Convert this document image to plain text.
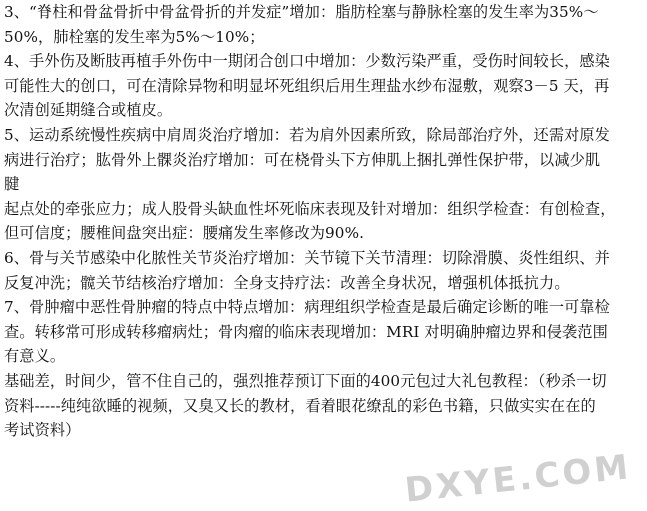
3、“脊柱和骨盆骨折中骨盆骨折的并发症”增加：脂肪栓塞与静脉栓塞的发生率为35%～
50%，肺栓塞的发生率为5%～10%；
4、手外伤及断肢再植手外伤中一期闭合创口中增加：少数污染严重，受伤时间较长，感染
可能性大的创口，可在清除异物和明显坏死组织后用生理盐水纱布湿敷，观察3－5 天，再
次清创延期缝合或植皮。
5、运动系统慢性疾病中肩周炎治疗增加：若为肩外因素所致，除局部治疗外，还需对原发
病进行治疗；肱骨外上髁炎治疗增加：可在桡骨头下方伸肌上捆扎弹性保护带，以减少肌
腱
起点处的牵张应力；成人股骨头缺血性坏死临床表现及针对增加：组织学检查：有创检查，
但可信度；腰椎间盘突出症：腰痛发生率修改为90%.
6、骨与关节感染中化脓性关节炎治疗增加：关节镜下关节清理：切除滑膜、炎性组织、并
反复冲洗；髋关节结核治疗增加：全身支持疗法：改善全身状况，增强机体抵抗力。
7、骨肿瘤中恶性骨肿瘤的特点中特点增加：病理组织学检查是最后确定诊断的唯一可靠检
查。转移常可形成转移瘤病灶；骨肉瘤的临床表现增加：MRI 对明确肿瘤边界和侵袭范围
有意义。
基础差，时间少，管不住自己的，强烈推荐预订下面的400元包过大礼包教程：（秒杀一切
资料-----纯纯欲睡的视频，又臭又长的教材，看着眼花缭乱的彩色书籍，只做实实在在的
考试资料）
DXYE.COM
